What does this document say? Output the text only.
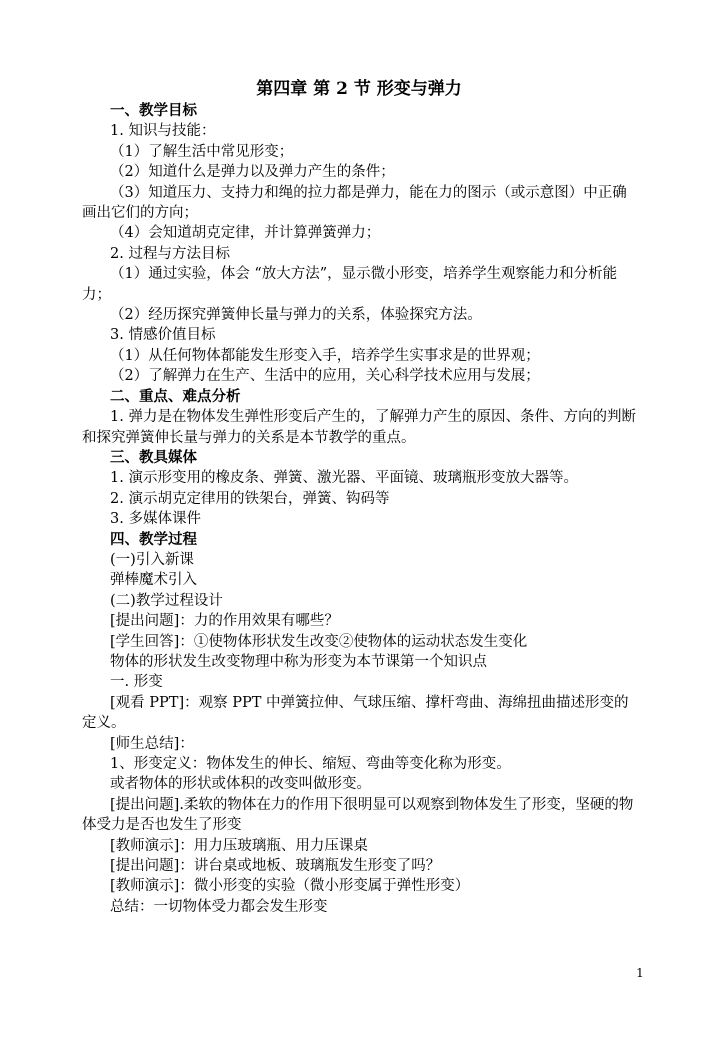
第四章 第 2 节 形变与弹力

一、教学目标

1. 知识与技能：

（1）了解生活中常见形变；

（2）知道什么是弹力以及弹力产生的条件；

（3）知道压力、支持力和绳的拉力都是弹力，能在力的图示（或示意图）中正确画出它们的方向；

（4）会知道胡克定律，并计算弹簧弹力；

2. 过程与方法目标

（1）通过实验，体会 “放大方法”，显示微小形变，培养学生观察能力和分析能力；

（2）经历探究弹簧伸长量与弹力的关系，体验探究方法。

3. 情感价值目标

（1）从任何物体都能发生形变入手，培养学生实事求是的世界观；

（2）了解弹力在生产、生活中的应用，关心科学技术应用与发展；

二、重点、难点分析

1. 弹力是在物体发生弹性形变后产生的，了解弹力产生的原因、条件、方向的判断和探究弹簧伸长量与弹力的关系是本节教学的重点。

三、教具媒体

1. 演示形变用的橡皮条、弹簧、激光器、平面镜、玻璃瓶形变放大器等。

2. 演示胡克定律用的铁架台，弹簧、钩码等

3. 多媒体课件

四、教学过程

(一)引入新课

弹棒魔术引入

(二)教学过程设计

[提出问题]：力的作用效果有哪些？

[学生回答]：①使物体形状发生改变②使物体的运动状态发生变化

物体的形状发生改变物理中称为形变为本节课第一个知识点

一. 形变

[观看 PPT]：观察 PPT 中弹簧拉伸、气球压缩、撑杆弯曲、海绵扭曲描述形变的定义。

[师生总结]：

1、形变定义：物体发生的伸长、缩短、弯曲等变化称为形变。

或者物体的形状或体积的改变叫做形变。

[提出问题].柔软的物体在力的作用下很明显可以观察到物体发生了形变，坚硬的物体受力是否也发生了形变

[教师演示]：用力压玻璃瓶、用力压课桌

[提出问题]：讲台桌或地板、玻璃瓶发生形变了吗？

[教师演示]：微小形变的实验（微小形变属于弹性形变）

总结：一切物体受力都会发生形变

1
